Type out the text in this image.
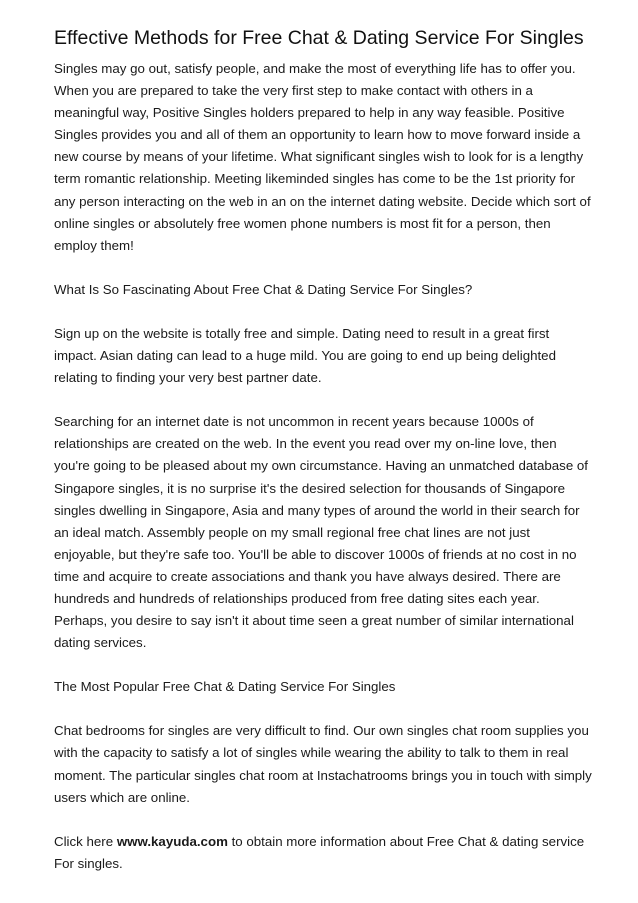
Effective Methods for Free Chat & Dating Service For Singles

Singles may go out, satisfy people, and make the most of everything life has to offer you. When you are prepared to take the very first step to make contact with others in a meaningful way, Positive Singles holders prepared to help in any way feasible. Positive Singles provides you and all of them an opportunity to learn how to move forward inside a new course by means of your lifetime. What significant singles wish to look for is a lengthy term romantic relationship. Meeting likeminded singles has come to be the 1st priority for any person interacting on the web in an on the internet dating website. Decide which sort of online singles or absolutely free women phone numbers is most fit for a person, then employ them!

What Is So Fascinating About Free Chat & Dating Service For Singles?

Sign up on the website is totally free and simple. Dating need to result in a great first impact. Asian dating can lead to a huge mild. You are going to end up being delighted relating to finding your very best partner date.

Searching for an internet date is not uncommon in recent years because 1000s of relationships are created on the web. In the event you read over my on-line love, then you're going to be pleased about my own circumstance. Having an unmatched database of Singapore singles, it is no surprise it's the desired selection for thousands of Singapore singles dwelling in Singapore, Asia and many types of around the world in their search for an ideal match. Assembly people on my small regional free chat lines are not just enjoyable, but they're safe too. You'll be able to discover 1000s of friends at no cost in no time and acquire to create associations and thank you have always desired. There are hundreds and hundreds of relationships produced from free dating sites each year. Perhaps, you desire to say isn't it about time seen a great number of similar international dating services.

The Most Popular Free Chat & Dating Service For Singles

Chat bedrooms for singles are very difficult to find. Our own singles chat room supplies you with the capacity to satisfy a lot of singles while wearing the ability to talk to them in real moment. The particular singles chat room at Instachatrooms brings you in touch with simply users which are online.

Click here www.kayuda.com to obtain more information about Free Chat & dating service For singles.
